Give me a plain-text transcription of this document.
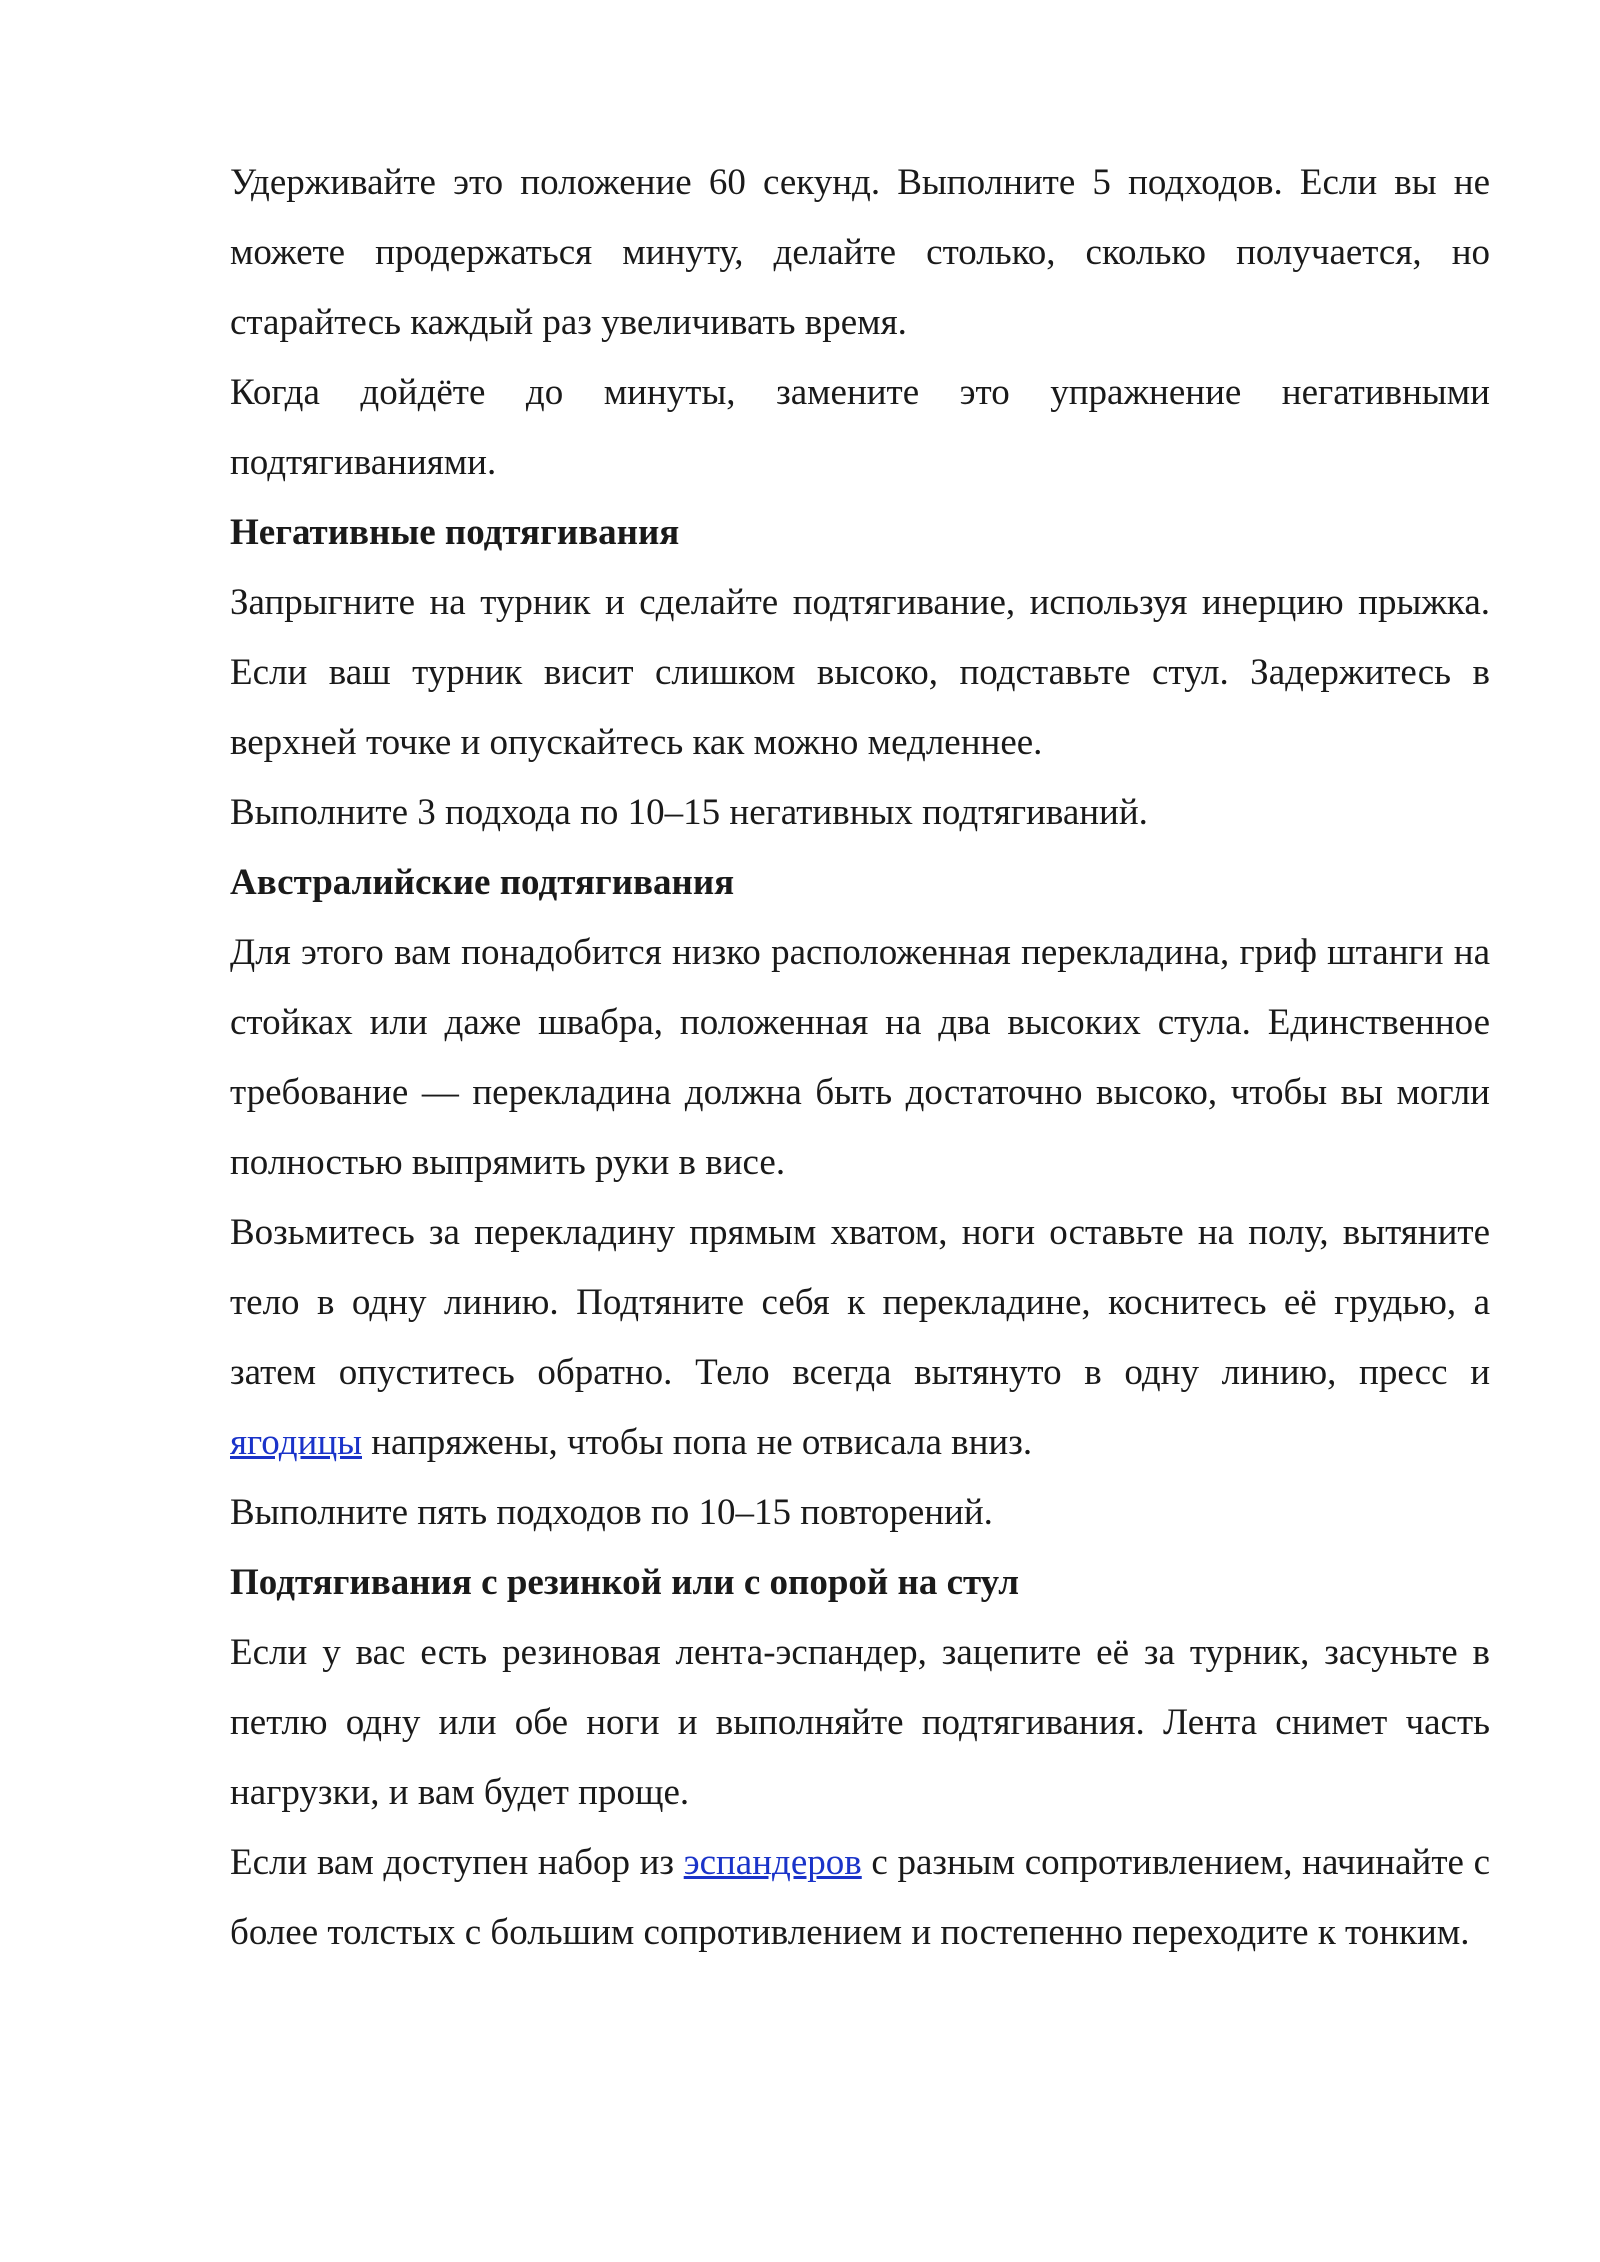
Удерживайте это положение 60 секунд. Выполните 5 подходов. Если вы не можете продержаться минуту, делайте столько, сколько получается, но старайтесь каждый раз увеличивать время.

Когда дойдёте до минуты, замените это упражнение негативными подтягиваниями.

Негативные подтягивания

Запрыгните на турник и сделайте подтягивание, используя инерцию прыжка. Если ваш турник висит слишком высоко, подставьте стул. Задержитесь в верхней точке и опускайтесь как можно медленнее.

Выполните 3 подхода по 10–15 негативных подтягиваний.

Австралийские подтягивания

Для этого вам понадобится низко расположенная перекладина, гриф штанги на стойках или даже швабра, положенная на два высоких стула. Единственное требование — перекладина должна быть достаточно высоко, чтобы вы могли полностью выпрямить руки в висе.

Возьмитесь за перекладину прямым хватом, ноги оставьте на полу, вытяните тело в одну линию. Подтяните себя к перекладине, коснитесь её грудью, а затем опуститесь обратно. Тело всегда вытянуто в одну линию, пресс и ягодицы напряжены, чтобы попа не отвисала вниз.

Выполните пять подходов по 10–15 повторений.

Подтягивания с резинкой или с опорой на стул

Если у вас есть резиновая лента-эспандер, зацепите её за турник, засуньте в петлю одну или обе ноги и выполняйте подтягивания. Лента снимет часть нагрузки, и вам будет проще.

Если вам доступен набор из эспандеров с разным сопротивлением, начинайте с более толстых с большим сопротивлением и постепенно переходите к тонким.
